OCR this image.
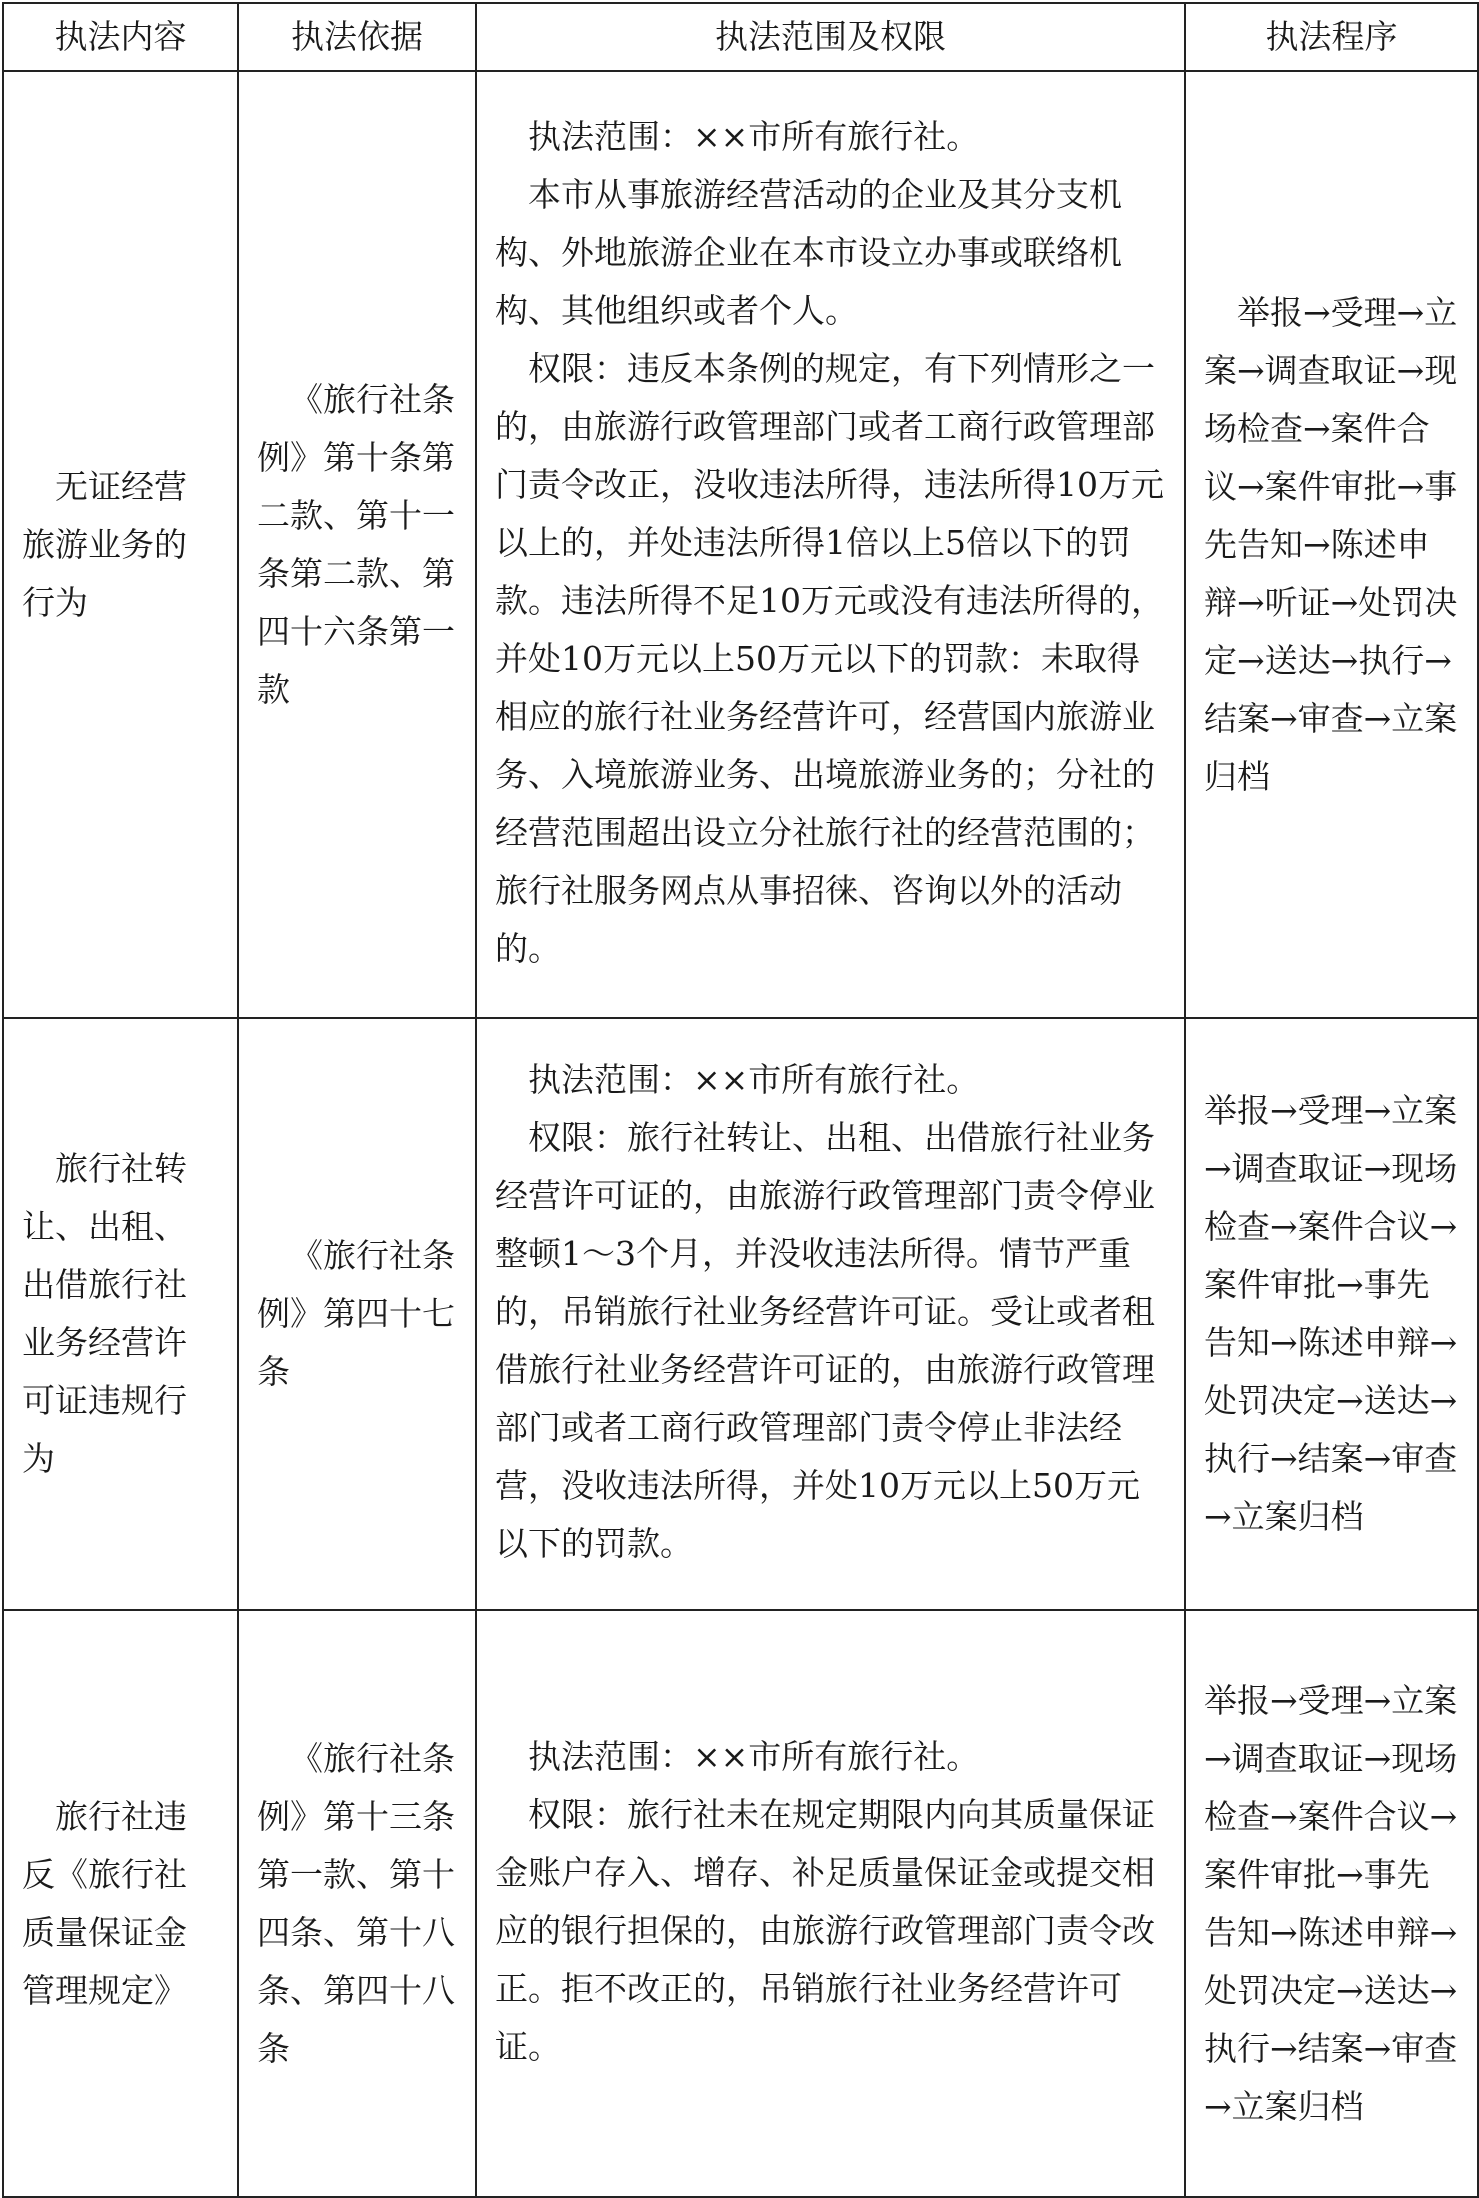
执法内容	执法依据	执法范围及权限	执法程序
无证经营旅游业务的行为	《旅行社条例》第十条第二款、第十一条第二款、第四十六条第一款	执法范围：××市所有旅行社。
本市从事旅游经营活动的企业及其分支机构、外地旅游企业在本市设立办事或联络机构、其他组织或者个人。
权限：违反本条例的规定，有下列情形之一的，由旅游行政管理部门或者工商行政管理部门责令改正，没收违法所得，违法所得10万元以上的，并处违法所得1倍以上5倍以下的罚款。违法所得不足10万元或没有违法所得的，并处10万元以上50万元以下的罚款：未取得相应的旅行社业务经营许可，经营国内旅游业务、入境旅游业务、出境旅游业务的；分社的经营范围超出设立分社旅行社的经营范围的；旅行社服务网点从事招徕、咨询以外的活动的。	举报→受理→立案→调查取证→现场检查→案件合议→案件审批→事先告知→陈述申辩→听证→处罚决定→送达→执行→结案→审查→立案归档
旅行社转让、出租、出借旅行社业务经营许可证违规行为	《旅行社条例》第四十七条	执法范围：××市所有旅行社。
权限：旅行社转让、出租、出借旅行社业务经营许可证的，由旅游行政管理部门责令停业整顿1～3个月，并没收违法所得。情节严重的，吊销旅行社业务经营许可证。受让或者租借旅行社业务经营许可证的，由旅游行政管理部门或者工商行政管理部门责令停止非法经营，没收违法所得，并处10万元以上50万元以下的罚款。	举报→受理→立案→调查取证→现场检查→案件合议→案件审批→事先告知→陈述申辩→处罚决定→送达→执行→结案→审查→立案归档
旅行社违反《旅行社质量保证金管理规定》	《旅行社条例》第十三条第一款、第十四条、第十八条、第四十八条	执法范围：××市所有旅行社。
权限：旅行社未在规定期限内向其质量保证金账户存入、增存、补足质量保证金或提交相应的银行担保的，由旅游行政管理部门责令改正。拒不改正的，吊销旅行社业务经营许可证。	举报→受理→立案→调查取证→现场检查→案件合议→案件审批→事先告知→陈述申辩→处罚决定→送达→执行→结案→审查→立案归档
